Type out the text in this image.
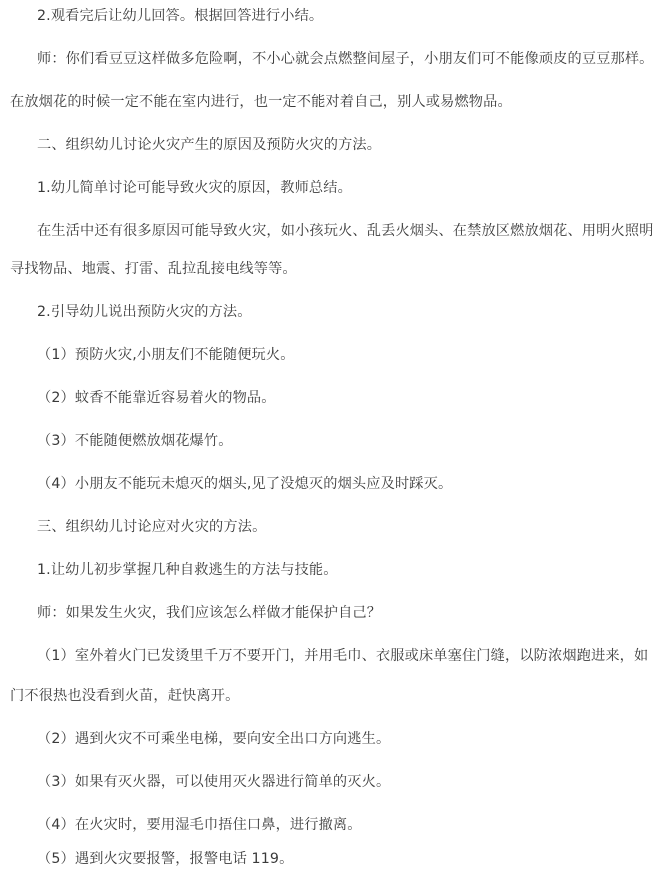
2.观看完后让幼儿回答。根据回答进行小结。
师：你们看豆豆这样做多危险啊，不小心就会点燃整间屋子，小朋友们可不能像顽皮的豆豆那样。
在放烟花的时候一定不能在室内进行，也一定不能对着自己，别人或易燃物品。
二、组织幼儿讨论火灾产生的原因及预防火灾的方法。
1.幼儿简单讨论可能导致火灾的原因，教师总结。
在生活中还有很多原因可能导致火灾，如小孩玩火、乱丢火烟头、在禁放区燃放烟花、用明火照明
寻找物品、地震、打雷、乱拉乱接电线等等。
2.引导幼儿说出预防火灾的方法。
（1）预防火灾,小朋友们不能随便玩火。
（2）蚊香不能靠近容易着火的物品。
（3）不能随便燃放烟花爆竹。
（4）小朋友不能玩未熄灭的烟头,见了没熄灭的烟头应及时踩灭。
三、组织幼儿讨论应对火灾的方法。
1.让幼儿初步掌握几种自救逃生的方法与技能。
师：如果发生火灾，我们应该怎么样做才能保护自己？
（1）室外着火门已发烫里千万不要开门，并用毛巾、衣服或床单塞住门缝，以防浓烟跑进来，如
门不很热也没看到火苗，赶快离开。
（2）遇到火灾不可乘坐电梯，要向安全出口方向逃生。
（3）如果有灭火器，可以使用灭火器进行简单的灭火。
（4）在火灾时，要用湿毛巾捂住口鼻，进行撤离。
（5）遇到火灾要报警，报警电话 119。
